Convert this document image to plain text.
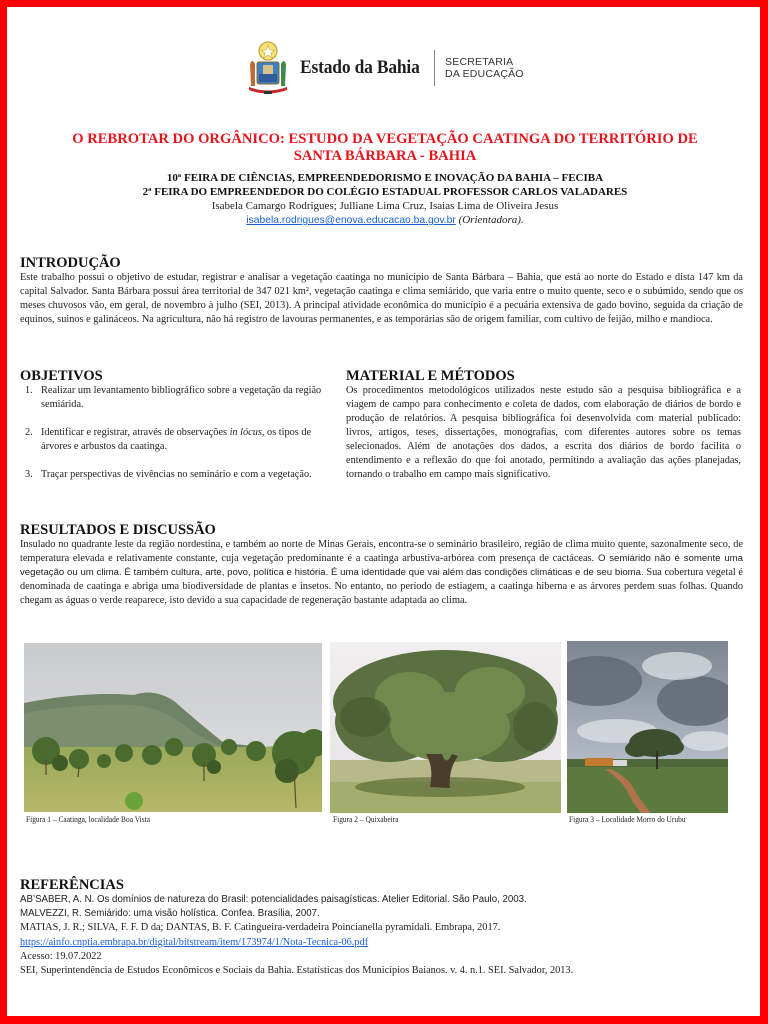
Estado da Bahia SECRETARIA
DA EDUCAÇÃO
O REBROTAR DO ORGÂNICO: ESTUDO DA VEGETAÇÃO CAATINGA DO TERRITÓRIO DE
SANTA BÁRBARA - BAHIA
10ª FEIRA DE CIÊNCIAS, EMPREENDEDORISMO E INOVAÇÃO DA BAHIA – FECIBA
2ª FEIRA DO EMPREENDEDOR DO COLÉGIO ESTADUAL PROFESSOR CARLOS VALADARES
Isabela Camargo Rodrigues; Julliane Lima Cruz, Isaias Lima de Oliveira Jesus
isabela.rodrigues@enova.educacao.ba.gov.br (Orientadora).
INTRODUÇÃO

Este trabalho possui o objetivo de estudar, registrar e analisar a vegetação caatinga no município de Santa Bárbara – Bahia, que está ao norte do Estado e dista 147 km da capital Salvador. Santa Bárbara possui área territorial de 347 021 km², vegetação caatinga e clima semiárido, que varia entre o muito quente, seco e o subúmido, sendo que os meses chuvosos vão, em geral, de novembro à julho (SEI, 2013). A principal atividade econômica do município é a pecuária extensiva de gado bovino, seguida da criação de equinos, suinos e galináceos. Na agricultura, não há registro de lavouras permanentes, e as temporárias são de origem familiar, com cultivo de feijão, milho e mandioca.

OBJETIVOS
1. Realizar um levantamento bibliográfico sobre a vegetação da região semiárida.
2. Identificar e registrar, através de observações in lócus, os tipos de árvores e arbustos da caatinga.
3. Traçar perspectivas de vivências no seminário e com a vegetação.
MATERIAL E MÉTODOS

Os procedimentos metodológicos utilizados neste estudo são a pesquisa bibliográfica e a viagem de campo para conhecimento e coleta de dados, com elaboração de diários de bordo e produção de relatórios. A pesquisa bibliográfica foi desenvolvida com material publicado: livros, artigos, teses, dissertações, monografias, com diferentes autores sobre os temas selecionados. Além de anotações dos dados, a escrita dos diários de bordo facilita o entendimento e a reflexão do que foi anotado, permitindo a avaliação das ações planejadas, tornando o trabalho em campo mais significativo.

RESULTADOS E DISCUSSÃO

Insulado no quadrante leste da região nordestina, e também ao norte de Minas Gerais, encontra-se o seminário brasileiro, região de clima muito quente, sazonalmente seco, de temperatura elevada e relativamente constante, cuja vegetação predominante é a caatinga arbustiva-arbórea com presença de cactáceas. O semiárido não é somente uma vegetação ou um clima. É também cultura, arte, povo, política e história. É uma identidade que vai além das condições climáticas e de seu bioma. Sua cobertura vegetal é denominada de caatinga e abriga uma biodiversidade de plantas e insetos. No entanto, no período de estiagem, a caatinga hiberna e as árvores perdem suas folhas. Quando chegam as águas o verde reaparece, isto devido a sua capacidade de regeneração bastante adaptada ao clima.

Figura 1 – Caatinga, localidade Boa Vista	Figura 2 – Quixabeira	Figura 3 – Localidade Morro do Urubu
REFERÊNCIAS

AB’SABER, A. N. Os domínios de natureza do Brasil: potencialidades paisagísticas. Atelier Editorial. São Paulo, 2003.

MALVEZZI, R. Semiárido: uma visão holística. Confea. Brasília, 2007.

MATIAS, J. R.; SILVA, F. F. D da; DANTAS, B. F. Catingueira-verdadeira Poincianella pyramidali. Embrapa, 2017.

https://ainfo.cnptia.embrapa.br/digital/bitstream/item/173974/1/Nota-Tecnica-06.pdf

Acesso: 19.07.2022

SEI, Superintendência de Estudos Econômicos e Sociais da Bahia. Estatísticas dos Municípios Baianos. v. 4. n.1. SEI. Salvador, 2013.
